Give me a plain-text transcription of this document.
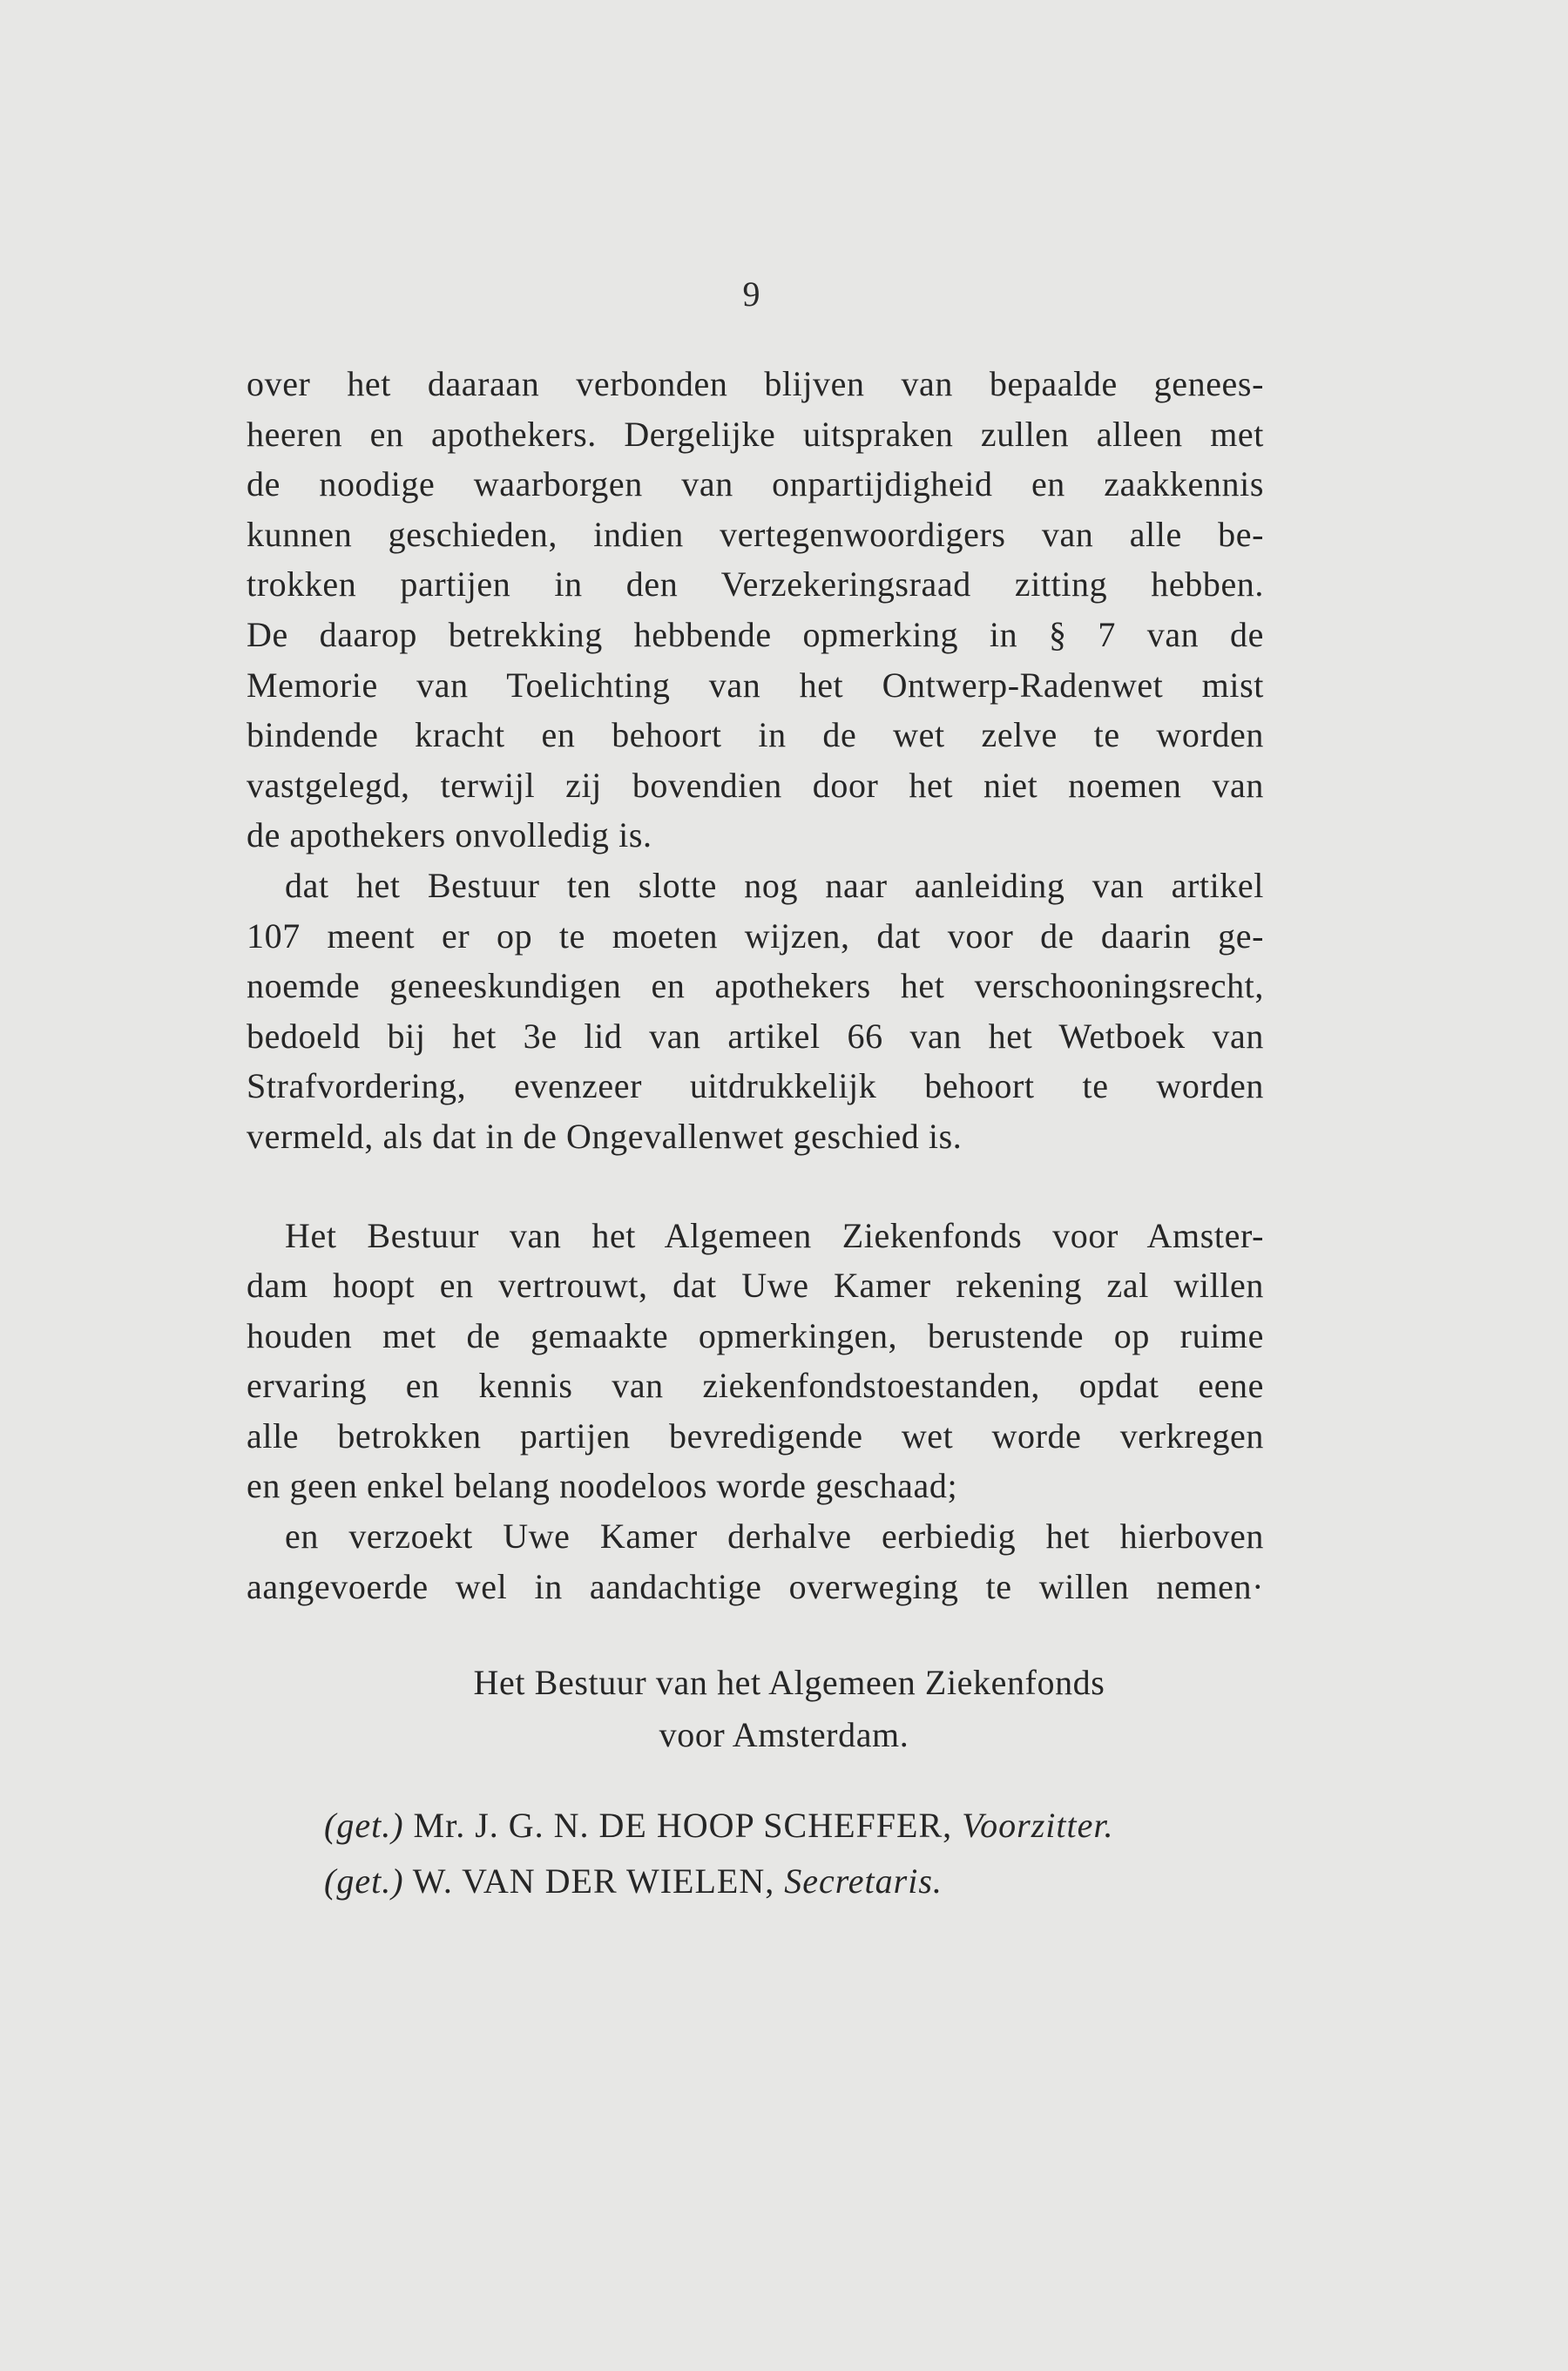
9
over het daaraan verbonden blijven van bepaalde genees-
heeren en apothekers. Dergelijke uitspraken zullen alleen met
de noodige waarborgen van onpartijdigheid en zaakkennis
kunnen geschieden, indien vertegenwoordigers van alle be-
trokken partijen in den Verzekeringsraad zitting hebben.
De daarop betrekking hebbende opmerking in § 7 van de
Memorie van Toelichting van het Ontwerp-Radenwet mist
bindende kracht en behoort in de wet zelve te worden
vastgelegd, terwijl zij bovendien door het niet noemen van
de apothekers onvolledig is.
dat het Bestuur ten slotte nog naar aanleiding van artikel
107 meent er op te moeten wijzen, dat voor de daarin ge-
noemde geneeskundigen en apothekers het verschooningsrecht,
bedoeld bij het 3e lid van artikel 66 van het Wetboek van
Strafvordering, evenzeer uitdrukkelijk behoort te worden
vermeld, als dat in de Ongevallenwet geschied is.
Het Bestuur van het Algemeen Ziekenfonds voor Amster-
dam hoopt en vertrouwt, dat Uwe Kamer rekening zal willen
houden met de gemaakte opmerkingen, berustende op ruime
ervaring en kennis van ziekenfondstoestanden, opdat eene
alle betrokken partijen bevredigende wet worde verkregen
en geen enkel belang noodeloos worde geschaad;
en verzoekt Uwe Kamer derhalve eerbiedig het hierboven
aangevoerde wel in aandachtige overweging te willen nemen·
Het Bestuur van het Algemeen Ziekenfonds
voor Amsterdam.
(get.) Mr. J. G. N. DE HOOP SCHEFFER, Voorzitter.
(get.) W. VAN DER WIELEN, Secretaris.
